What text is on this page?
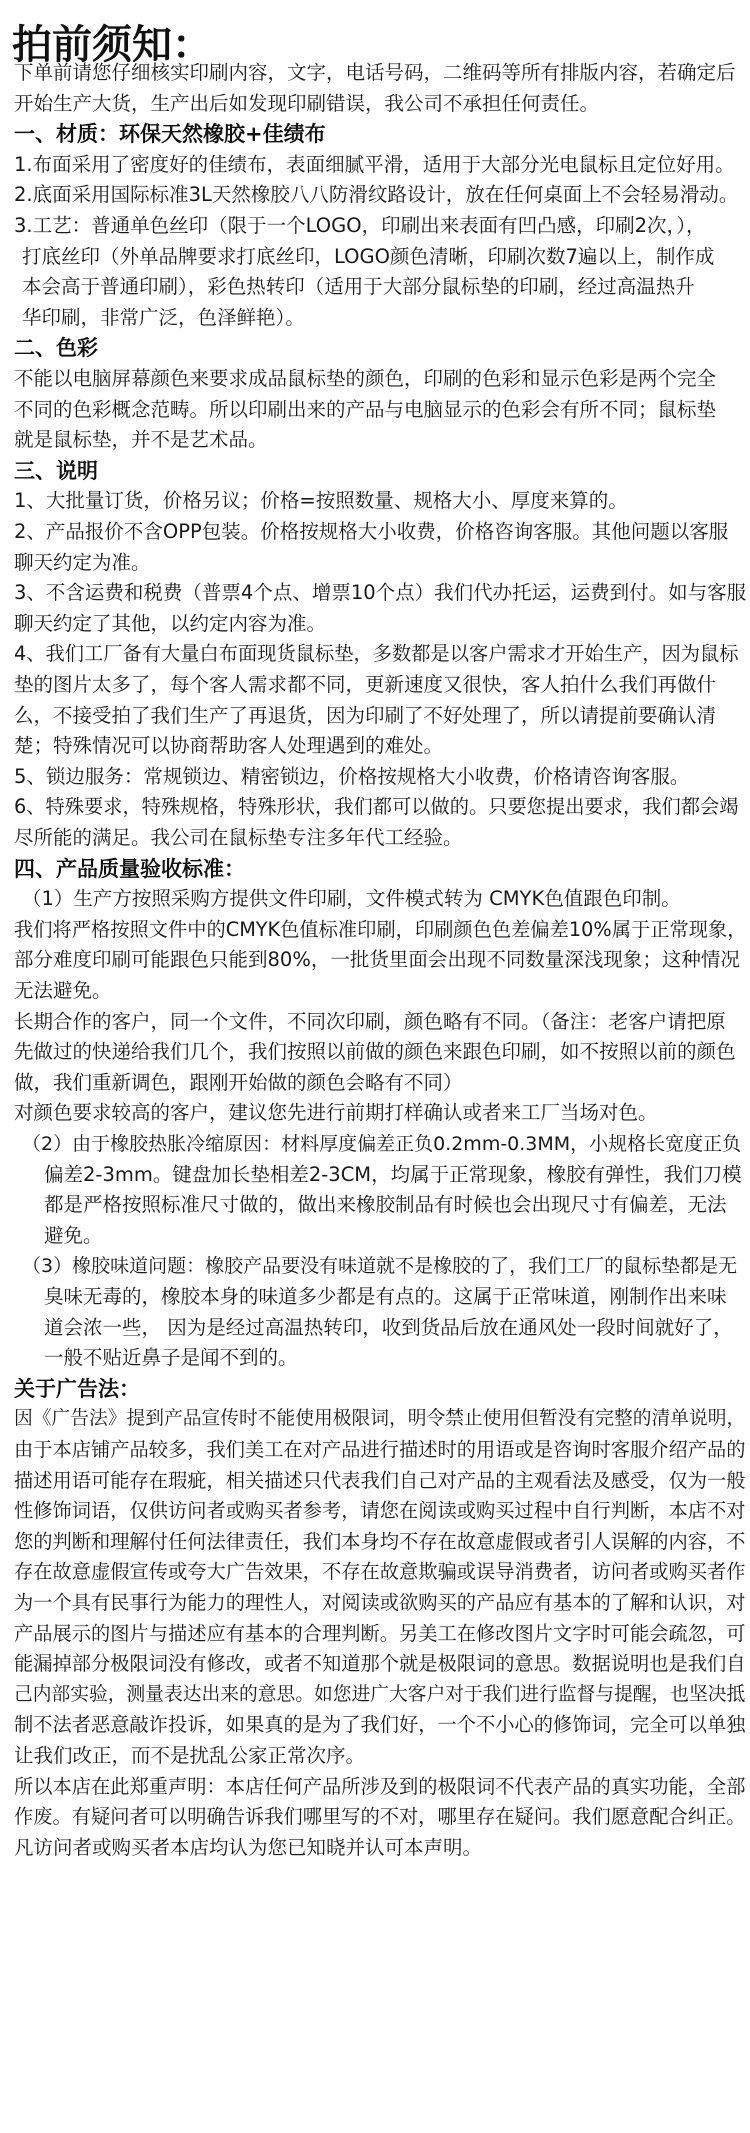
拍前须知：
下单前请您仔细核实印刷内容，文字，电话号码，二维码等所有排版内容，若确定后
开始生产大货，生产出后如发现印刷错误，我公司不承担任何责任。
一、材质：环保天然橡胶+佳绩布
1.布面采用了密度好的佳绩布，表面细腻平滑，适用于大部分光电鼠标且定位好用。
2.底面采用国际标准3L天然橡胶八八防滑纹路设计，放在任何桌面上不会轻易滑动。
3.工艺：普通单色丝印（限于一个LOGO，印刷出来表面有凹凸感，印刷2次，），
打底丝印（外单品牌要求打底丝印，LOGO颜色清晰，印刷次数7遍以上，制作成
本会高于普通印刷），彩色热转印（适用于大部分鼠标垫的印刷，经过高温热升
华印刷，非常广泛，色泽鲜艳）。
二、色彩
不能以电脑屏幕颜色来要求成品鼠标垫的颜色，印刷的色彩和显示色彩是两个完全
不同的色彩概念范畴。所以印刷出来的产品与电脑显示的色彩会有所不同；鼠标垫
就是鼠标垫，并不是艺术品。
三、说明
1、大批量订货，价格另议；价格=按照数量、规格大小、厚度来算的。
2、产品报价不含OPP包装。价格按规格大小收费，价格咨询客服。其他问题以客服
聊天约定为准。
3、不含运费和税费（普票4个点、增票10个点）我们代办托运，运费到付。如与客服
聊天约定了其他，以约定内容为准。
4、我们工厂备有大量白布面现货鼠标垫，多数都是以客户需求才开始生产，因为鼠标
垫的图片太多了，每个客人需求都不同，更新速度又很快，客人拍什么我们再做什
么，不接受拍了我们生产了再退货，因为印刷了不好处理了，所以请提前要确认清
楚；特殊情况可以协商帮助客人处理遇到的难处。
5、锁边服务：常规锁边、精密锁边，价格按规格大小收费，价格请咨询客服。
6、特殊要求，特殊规格，特殊形状，我们都可以做的。只要您提出要求，我们都会竭
尽所能的满足。我公司在鼠标垫专注多年代工经验。
四、产品质量验收标准：
（1）生产方按照采购方提供文件印刷，文件模式转为 CMYK色值跟色印制。
我们将严格按照文件中的CMYK色值标准印刷，印刷颜色色差偏差10%属于正常现象，
部分难度印刷可能跟色只能到80%，一批货里面会出现不同数量深浅现象；这种情况
无法避免。
长期合作的客户，同一个文件，不同次印刷，颜色略有不同。（备注：老客户请把原
先做过的快递给我们几个，我们按照以前做的颜色来跟色印刷，如不按照以前的颜色
做，我们重新调色，跟刚开始做的颜色会略有不同）
对颜色要求较高的客户，建议您先进行前期打样确认或者来工厂当场对色。
（2）由于橡胶热胀冷缩原因：材料厚度偏差正负0.2mm-0.3MM，小规格长宽度正负
偏差2-3mm。键盘加长垫相差2-3CM，均属于正常现象，橡胶有弹性，我们刀模
都是严格按照标准尺寸做的，做出来橡胶制品有时候也会出现尺寸有偏差，无法
避免。
（3）橡胶味道问题：橡胶产品要没有味道就不是橡胶的了，我们工厂的鼠标垫都是无
臭味无毒的，橡胶本身的味道多少都是有点的。这属于正常味道，刚制作出来味
道会浓一些， 因为是经过高温热转印，收到货品后放在通风处一段时间就好了，
一般不贴近鼻子是闻不到的。
关于广告法：
因《广告法》提到产品宣传时不能使用极限词，明令禁止使用但暂没有完整的清单说明，
由于本店铺产品较多，我们美工在对产品进行描述时的用语或是咨询时客服介绍产品的
描述用语可能存在瑕疵，相关描述只代表我们自己对产品的主观看法及感受，仅为一般
性修饰词语，仅供访问者或购买者参考，请您在阅读或购买过程中自行判断，本店不对
您的判断和理解付任何法律责任，我们本身均不存在故意虚假或者引人误解的内容，不
存在故意虚假宣传或夸大广告效果，不存在故意欺骗或误导消费者，访问者或购买者作
为一个具有民事行为能力的理性人，对阅读或欲购买的产品应有基本的了解和认识，对
产品展示的图片与描述应有基本的合理判断。另美工在修改图片文字时可能会疏忽，可
能漏掉部分极限词没有修改，或者不知道那个就是极限词的意思。数据说明也是我们自
己内部实验，测量表达出来的意思。如您进广大客户对于我们进行监督与提醒，也坚决抵
制不法者恶意敲诈投诉，如果真的是为了我们好，一个不小心的修饰词，完全可以单独
让我们改正，而不是扰乱公家正常次序。
所以本店在此郑重声明：本店任何产品所涉及到的极限词不代表产品的真实功能，全部
作废。有疑问者可以明确告诉我们哪里写的不对，哪里存在疑问。我们愿意配合纠正。
凡访问者或购买者本店均认为您已知晓并认可本声明。
